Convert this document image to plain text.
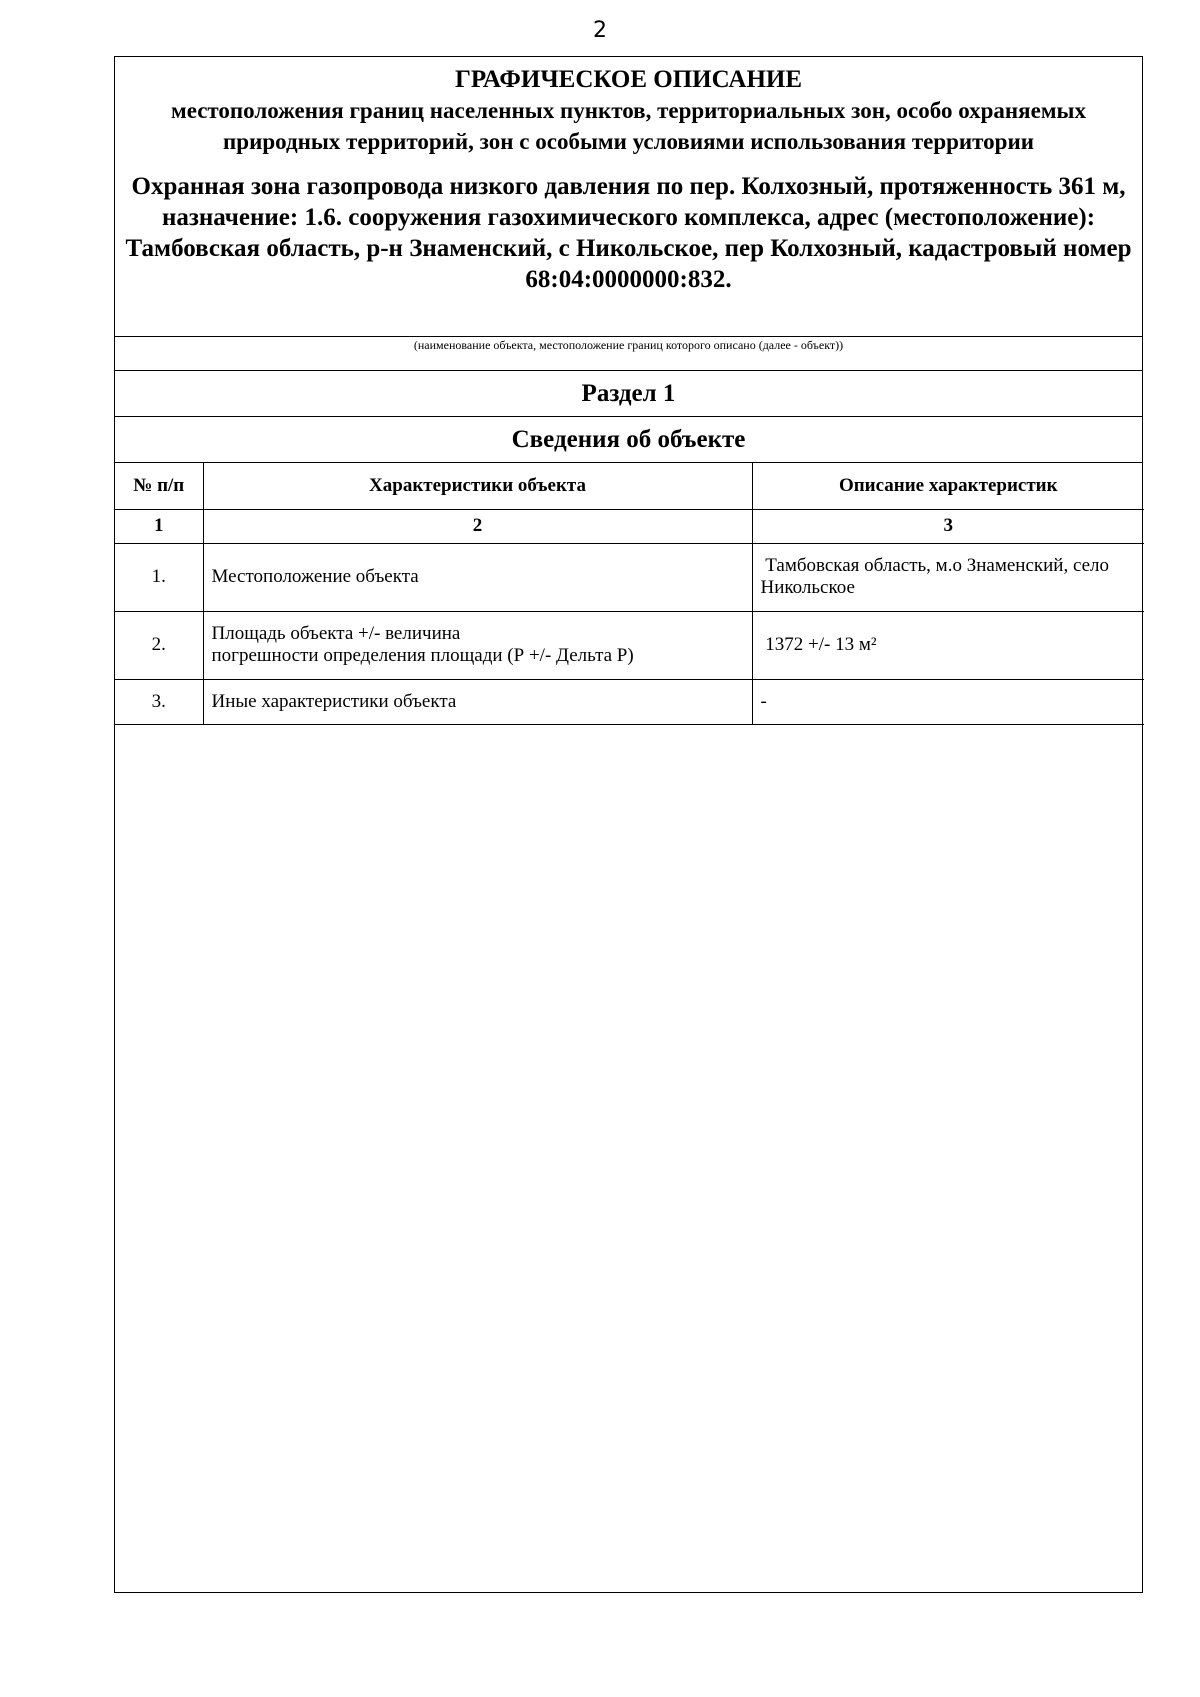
2
ГРАФИЧЕСКОЕ ОПИСАНИЕ
местоположения границ населенных пунктов, территориальных зон, особо охраняемых природных территорий, зон с особыми условиями использования территории
Охранная зона газопровода низкого давления по пер. Колхозный, протяженность 361 м, назначение: 1.6. сооружения газохимического комплекса, адрес (местоположение): Тамбовская область, р-н Знаменский, с Никольское, пер Колхозный, кадастровый номер 68:04:0000000:832.
(наименование объекта, местоположение границ которого описано (далее - объект))
Раздел 1
Сведения об объекте
№ п/п	Характеристики объекта	Описание характеристик
1	2	3
1.	Местоположение объекта	Тамбовская область, м.о Знаменский, село
Никольское

2.	Площадь объекта +/- величина
погрешности определения площади (Р +/- Дельта Р)	1372 +/- 13 м²

3.	Иные характеристики объекта	-
